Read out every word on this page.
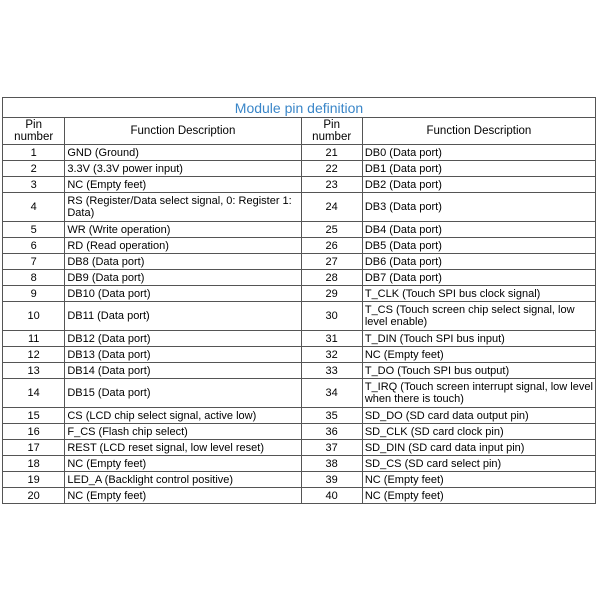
Module pin definition			
Pin number	Function Description	Pin number	Function Description
1	GND (Ground)	21	DB0 (Data port)
2	3.3V (3.3V power input)	22	DB1 (Data port)
3	NC (Empty feet)	23	DB2 (Data port)
4	RS (Register/Data select signal, 0: Register 1: Data)	24	DB3 (Data port)
5	WR (Write operation)	25	DB4 (Data port)
6	RD (Read operation)	26	DB5 (Data port)
7	DB8 (Data port)	27	DB6 (Data port)
8	DB9 (Data port)	28	DB7 (Data port)
9	DB10 (Data port)	29	T_CLK (Touch SPI bus clock signal)
10	DB11 (Data port)	30	T_CS (Touch screen chip select signal, low level enable)
11	DB12 (Data port)	31	T_DIN (Touch SPI bus input)
12	DB13 (Data port)	32	NC (Empty feet)
13	DB14 (Data port)	33	T_DO (Touch SPI bus output)
14	DB15 (Data port)	34	T_IRQ (Touch screen interrupt signal, low level when there is touch)
15	CS (LCD chip select signal, active low)	35	SD_DO (SD card data output pin)
16	F_CS (Flash chip select)	36	SD_CLK (SD card clock pin)
17	REST (LCD reset signal, low level reset)	37	SD_DIN (SD card data input pin)
18	NC (Empty feet)	38	SD_CS (SD card select pin)
19	LED_A (Backlight control positive)	39	NC (Empty feet)
20	NC (Empty feet)	40	NC (Empty feet)
